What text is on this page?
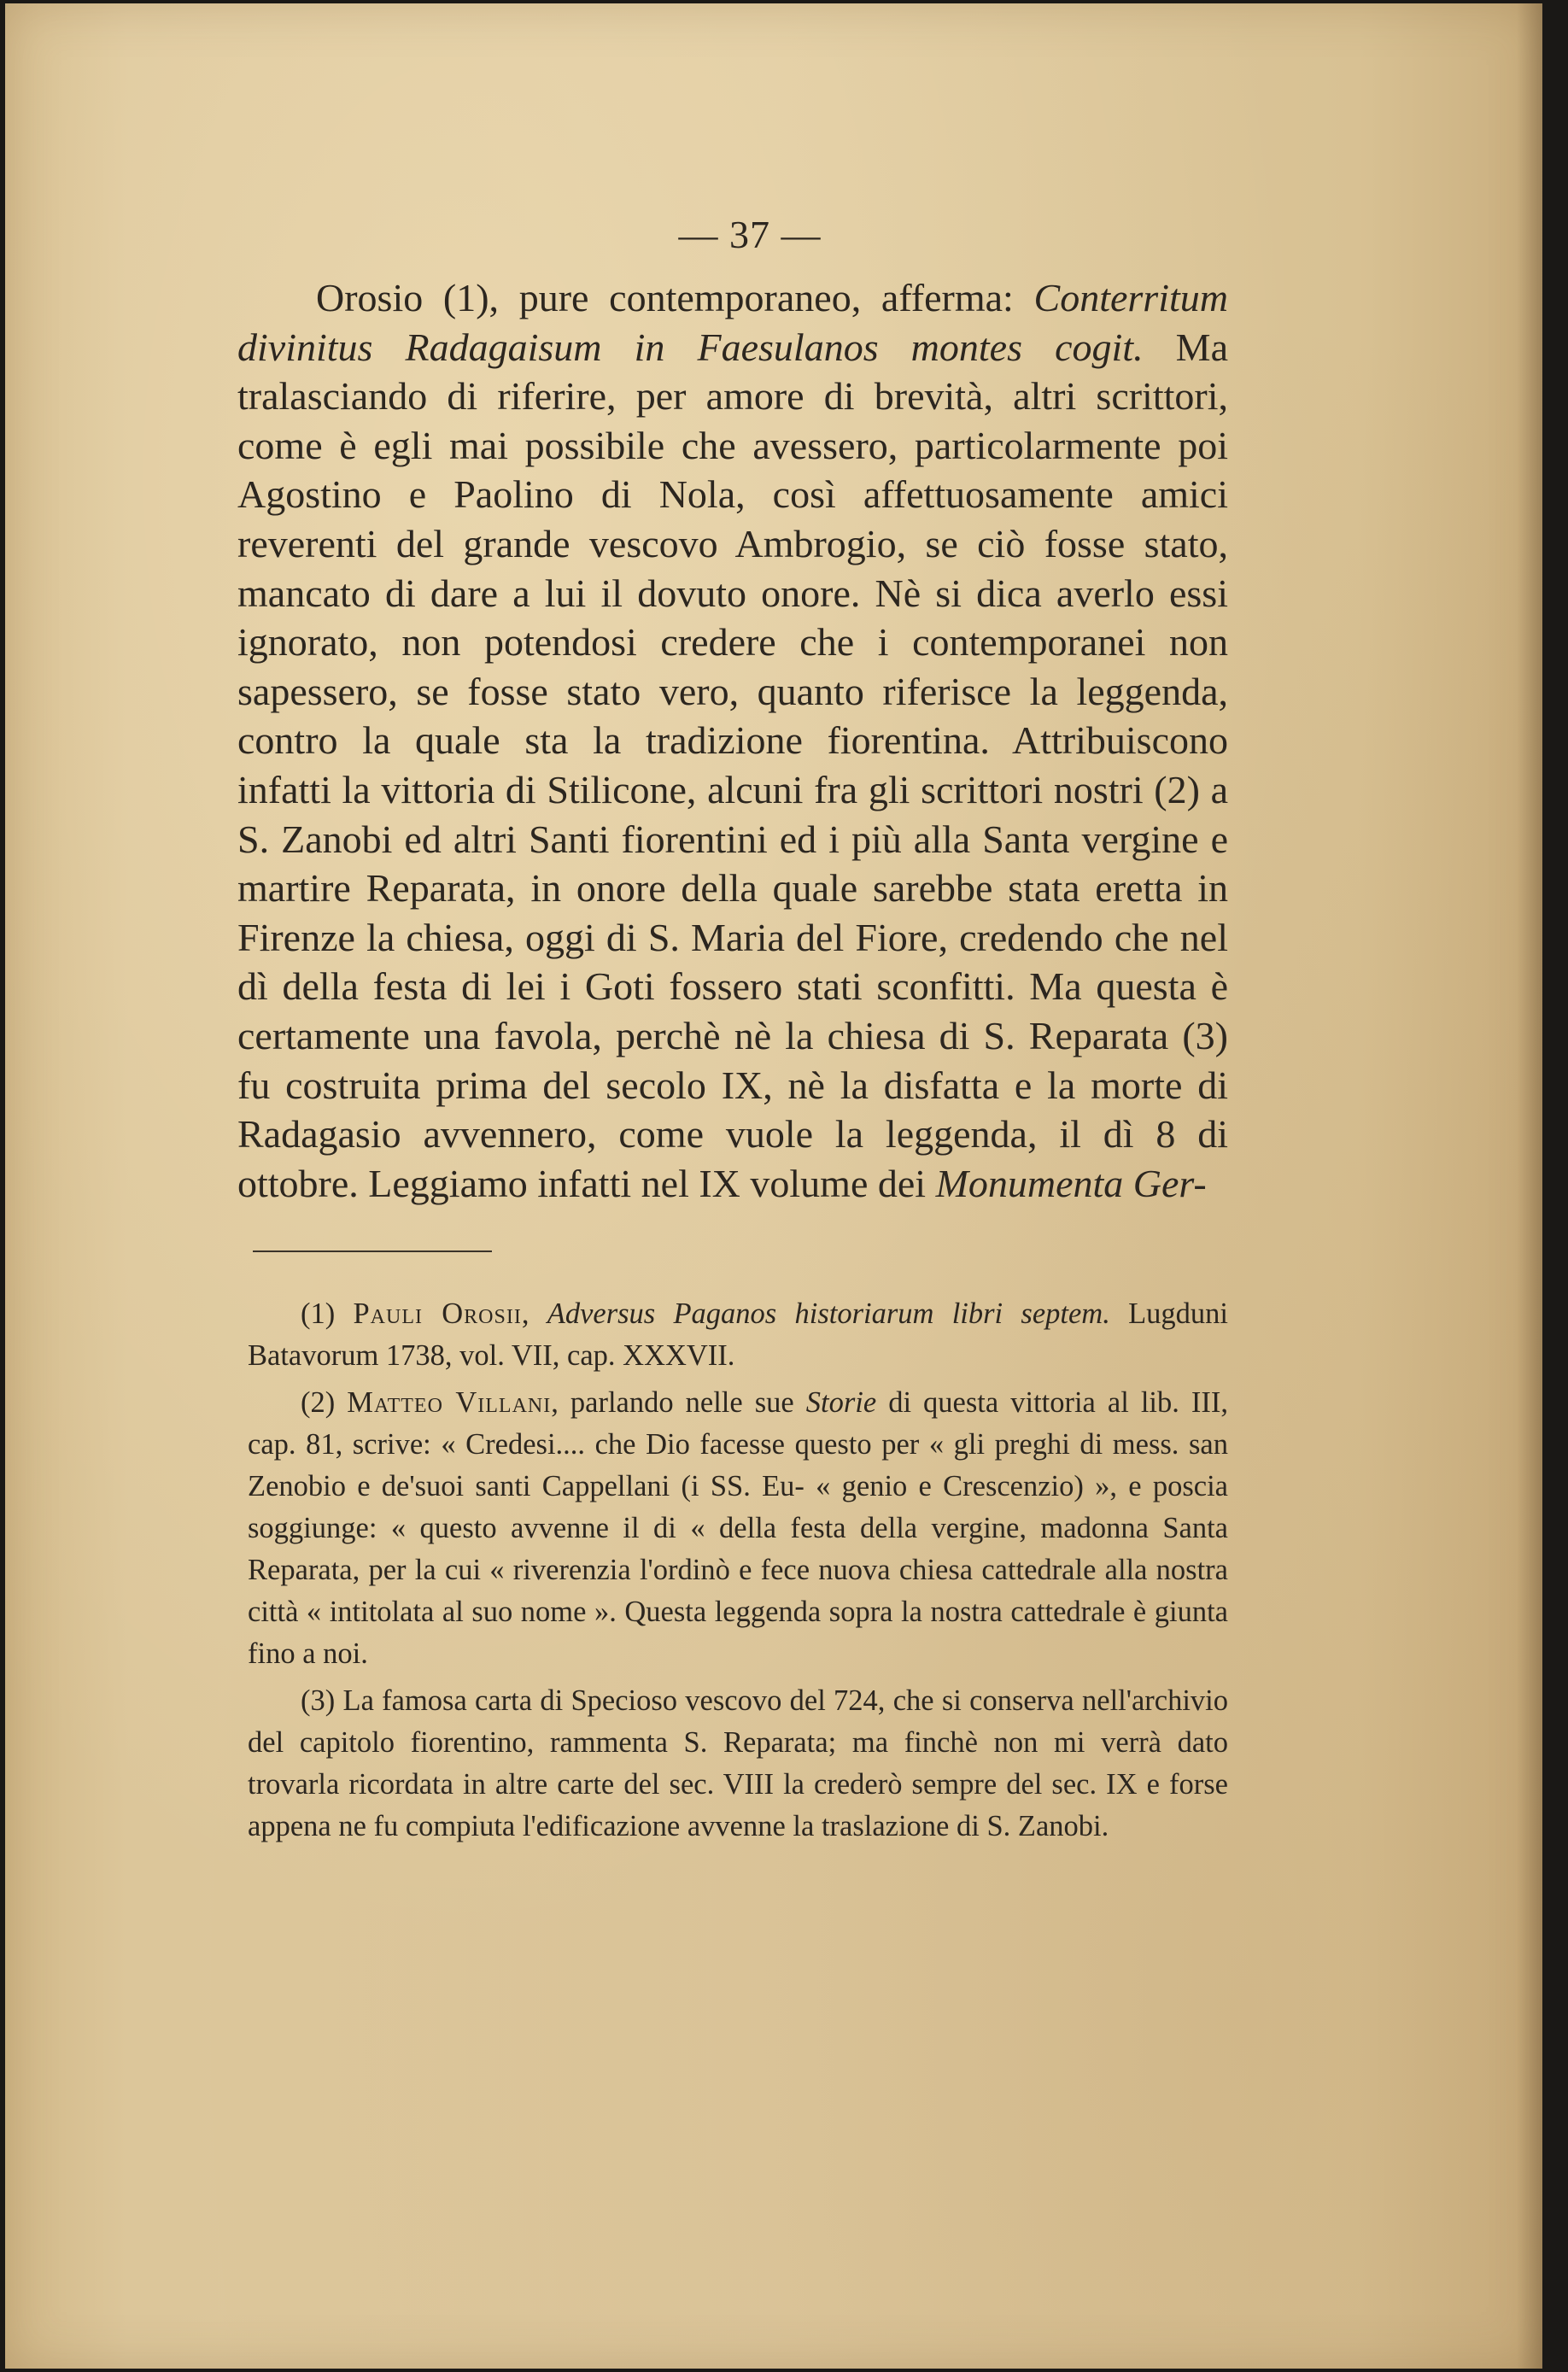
— 37 —

Orosio (1), pure contemporaneo, afferma: Conterritum divinitus Radagaisum in Faesulanos montes cogit. Ma tralasciando di riferire, per amore di brevità, altri scrittori, come è egli mai possibile che avessero, particolarmente poi Agostino e Paolino di Nola, così affettuosamente amici reverenti del grande vescovo Ambrogio, se ciò fosse stato, mancato di dare a lui il dovuto onore. Nè si dica averlo essi ignorato, non potendosi credere che i contemporanei non sapessero, se fosse stato vero, quanto riferisce la leggenda, contro la quale sta la tradizione fiorentina. Attribuiscono infatti la vittoria di Stilicone, alcuni fra gli scrittori nostri (2) a S. Zanobi ed altri Santi fiorentini ed i più alla Santa vergine e martire Reparata, in onore della quale sarebbe stata eretta in Firenze la chiesa, oggi di S. Maria del Fiore, credendo che nel dì della festa di lei i Goti fossero stati sconfitti. Ma questa è certamente una favola, perchè nè la chiesa di S. Reparata (3) fu costruita prima del secolo IX, nè la disfatta e la morte di Radagasio avvennero, come vuole la leggenda, il dì 8 di ottobre. Leggiamo infatti nel IX volume dei Monumenta Ger-

(1) Pauli Orosii, Adversus Paganos historiarum libri septem. Lugduni Batavorum 1738, vol. VII, cap. XXXVII.

(2) Matteo Villani, parlando nelle sue Storie di questa vittoria al lib. III, cap. 81, scrive: « Credesi.... che Dio facesse questo per « gli preghi di mess. san Zenobio e de'suoi santi Cappellani (i SS. Eu- « genio e Crescenzio) », e poscia soggiunge: « questo avvenne il di « della festa della vergine, madonna Santa Reparata, per la cui « riverenzia l'ordinò e fece nuova chiesa cattedrale alla nostra città « intitolata al suo nome ». Questa leggenda sopra la nostra cattedrale è giunta fino a noi.

(3) La famosa carta di Specioso vescovo del 724, che si conserva nell'archivio del capitolo fiorentino, rammenta S. Reparata; ma finchè non mi verrà dato trovarla ricordata in altre carte del sec. VIII la crederò sempre del sec. IX e forse appena ne fu compiuta l'edificazione avvenne la traslazione di S. Zanobi.
